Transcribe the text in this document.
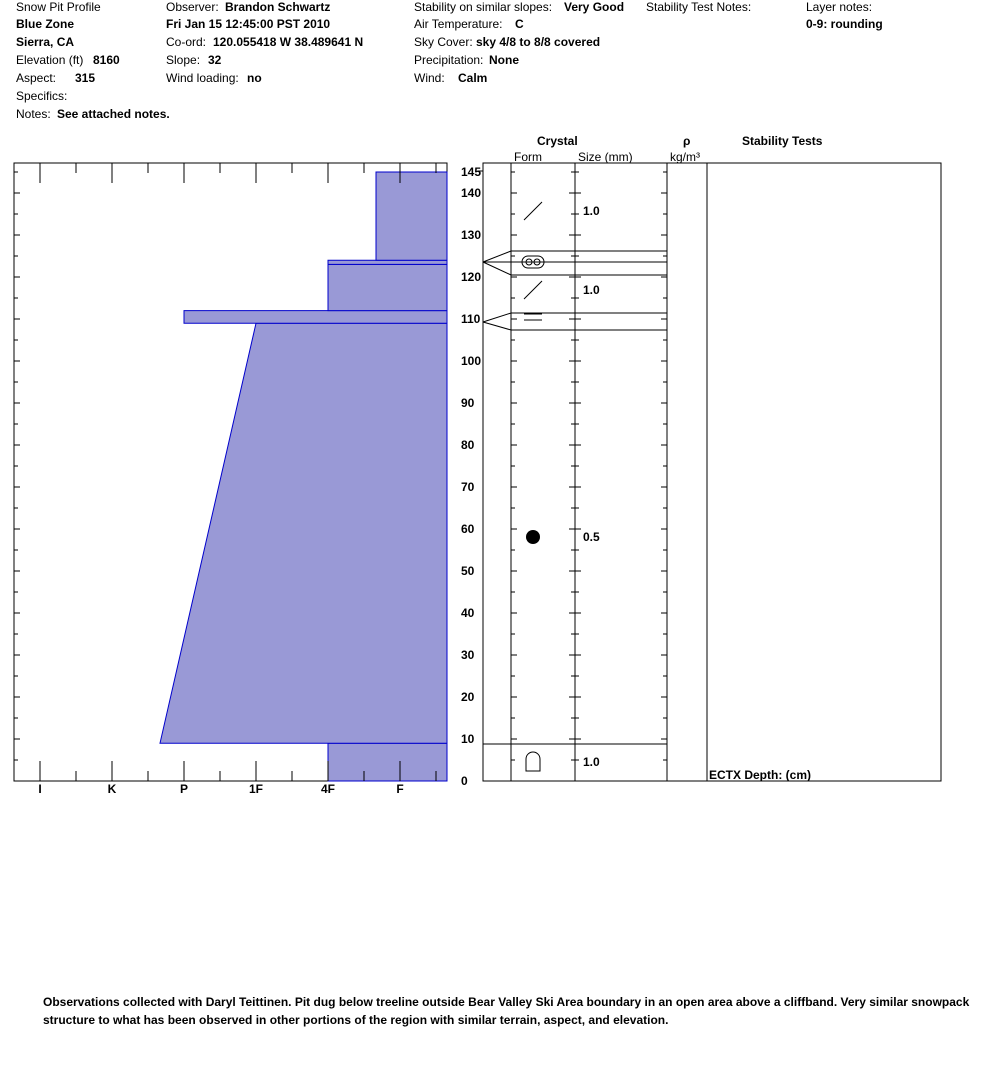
Snow Pit Profile
Blue Zone
Sierra, CA
Elevation (ft) 8160
Aspect: 315
Specifics:
Notes: See attached notes.
Observer: Brandon Schwartz
Fri Jan 15 12:45:00 PST 2010
Co-ord: 120.055418 W 38.489641 N
Slope: 32
Wind loading: no
Stability on similar slopes: Very Good
Air Temperature: C
Sky Cover: sky 4/8 to 8/8 covered
Precipitation: None
Wind: Calm
Stability Test Notes:	Layer notes:
0-9: rounding
Crystal
Form	Size (mm)
ρ
kg/m³
Stability Tests
ECTX Depth: (cm)
I	K	P	1F	4F	F
0
10
20
30
40
50
60
70
80
90
100
110
120
130
140
145
1.0
0.5
1.0
1.0
Observations collected with Daryl Teittinen. Pit dug below treeline outside Bear Valley Ski Area boundary in an open area above a cliffband. Very similar snowpack structure to what has been observed in other portions of the region with similar terrain, aspect, and elevation.
